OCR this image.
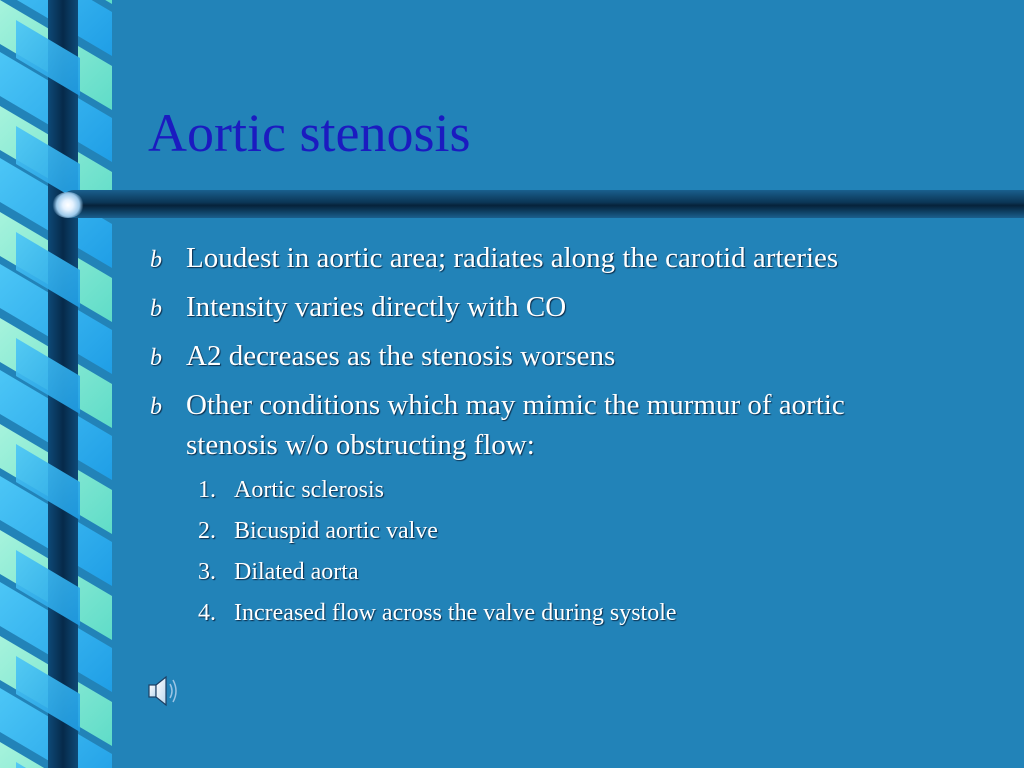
Aortic stenosis
b Loudest in aortic area; radiates along the carotid arteries
b Intensity varies directly with CO
b A2 decreases as the stenosis worsens
b Other conditions which may mimic the murmur of aortic
stenosis w/o obstructing flow:
1. Aortic sclerosis
2. Bicuspid aortic valve
3. Dilated aorta
4. Increased flow across the valve during systole
